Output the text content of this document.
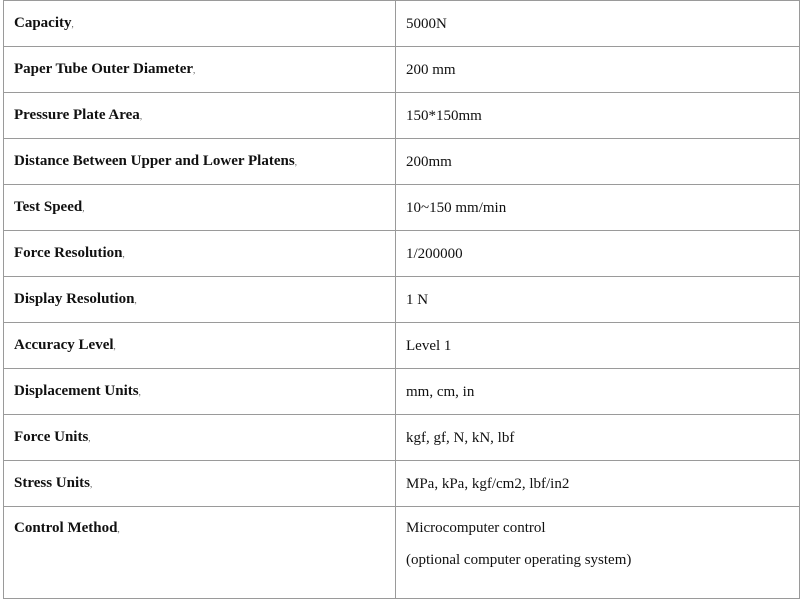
Capacity,	5000N
Paper Tube Outer Diameter,	200 mm
Pressure Plate Area,	150*150mm
Distance Between Upper and Lower Platens,	200mm
Test Speed,	10~150 mm/min
Force Resolution,	1/200000
Display Resolution,	1 N
Accuracy Level,	Level 1
Displacement Units,	mm, cm, in
Force Units,	kgf, gf, N, kN, lbf
Stress Units,	MPa, kPa, kgf/cm2, lbf/in2
Control Method,	Microcomputer control
(optional computer operating system)
